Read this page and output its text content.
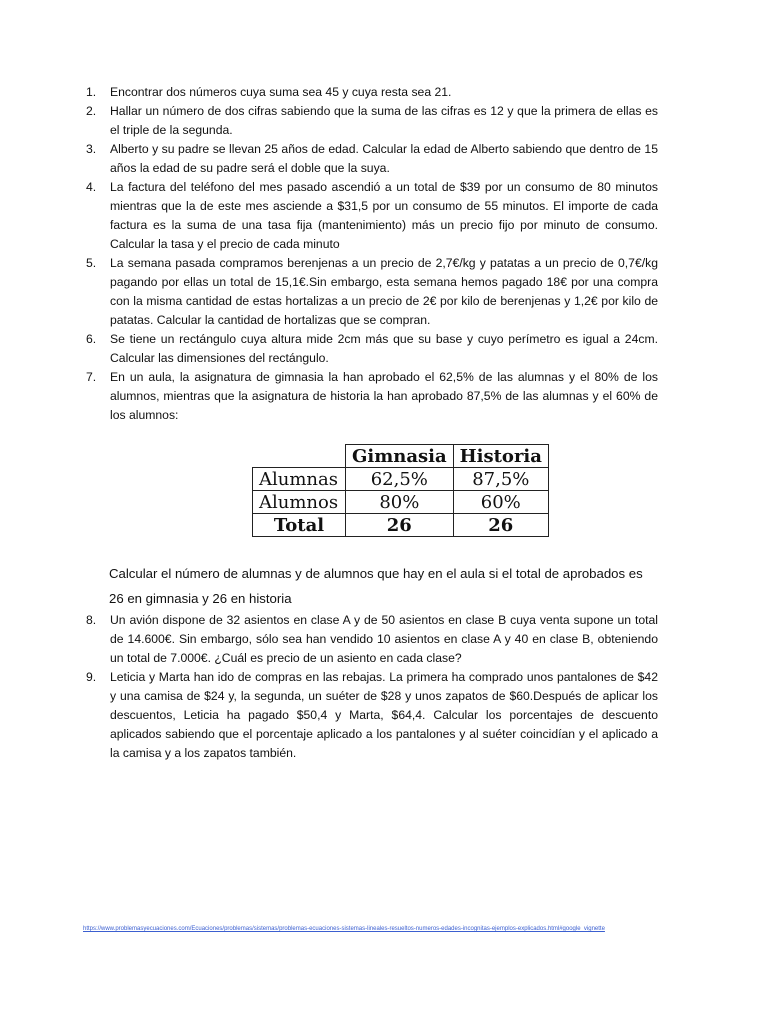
1. Encontrar dos números cuya suma sea 45 y cuya resta sea 21.
2. Hallar un número de dos cifras sabiendo que la suma de las cifras es 12 y que la primera de ellas es el triple de la segunda.
3. Alberto y su padre se llevan 25 años de edad. Calcular la edad de Alberto sabiendo que dentro de 15 años la edad de su padre será el doble que la suya.
4. La factura del teléfono del mes pasado ascendió a un total de $39 por un consumo de 80 minutos mientras que la de este mes asciende a $31,5 por un consumo de 55 minutos. El importe de cada factura es la suma de una tasa fija (mantenimiento) más un precio fijo por minuto de consumo. Calcular la tasa y el precio de cada minuto
5. La semana pasada compramos berenjenas a un precio de 2,7€/kg y patatas a un precio de 0,7€/kg pagando por ellas un total de 15,1€.Sin embargo, esta semana hemos pagado 18€ por una compra con la misma cantidad de estas hortalizas a un precio de 2€ por kilo de berenjenas y 1,2€ por kilo de patatas. Calcular la cantidad de hortalizas que se compran.
6. Se tiene un rectángulo cuya altura mide 2cm más que su base y cuyo perímetro es igual a 24cm. Calcular las dimensiones del rectángulo.
7. En un aula, la asignatura de gimnasia la han aprobado el 62,5% de las alumnas y el 80% de los alumnos, mientras que la asignatura de historia la han aprobado 87,5% de las alumnas y el 60% de los alumnos:
	Gimnasia	Historia
Alumnas	62,5%	87,5%
Alumnos	80%	60%
Total	26	26

Calcular el número de alumnas y de alumnos que hay en el aula si el total de aprobados es 26 en gimnasia y 26 en historia

8. Un avión dispone de 32 asientos en clase A y de 50 asientos en clase B cuya venta supone un total de 14.600€. Sin embargo, sólo sea han vendido 10 asientos en clase A y 40 en clase B, obteniendo un total de 7.000€. ¿Cuál es precio de un asiento en cada clase?
9. Leticia y Marta han ido de compras en las rebajas. La primera ha comprado unos pantalones de $42 y una camisa de $24 y, la segunda, un suéter de $28 y unos zapatos de $60.Después de aplicar los descuentos, Leticia ha pagado $50,4 y Marta, $64,4. Calcular los porcentajes de descuento aplicados sabiendo que el porcentaje aplicado a los pantalones y al suéter coincidían y el aplicado a la camisa y a los zapatos también.
https://www.problemasyecuaciones.com/Ecuaciones/problemas/sistemas/problemas-ecuaciones-sistemas-lineales-resueltos-numeros-edades-incognitas-ejemplos-explicados.html#google_vignette
